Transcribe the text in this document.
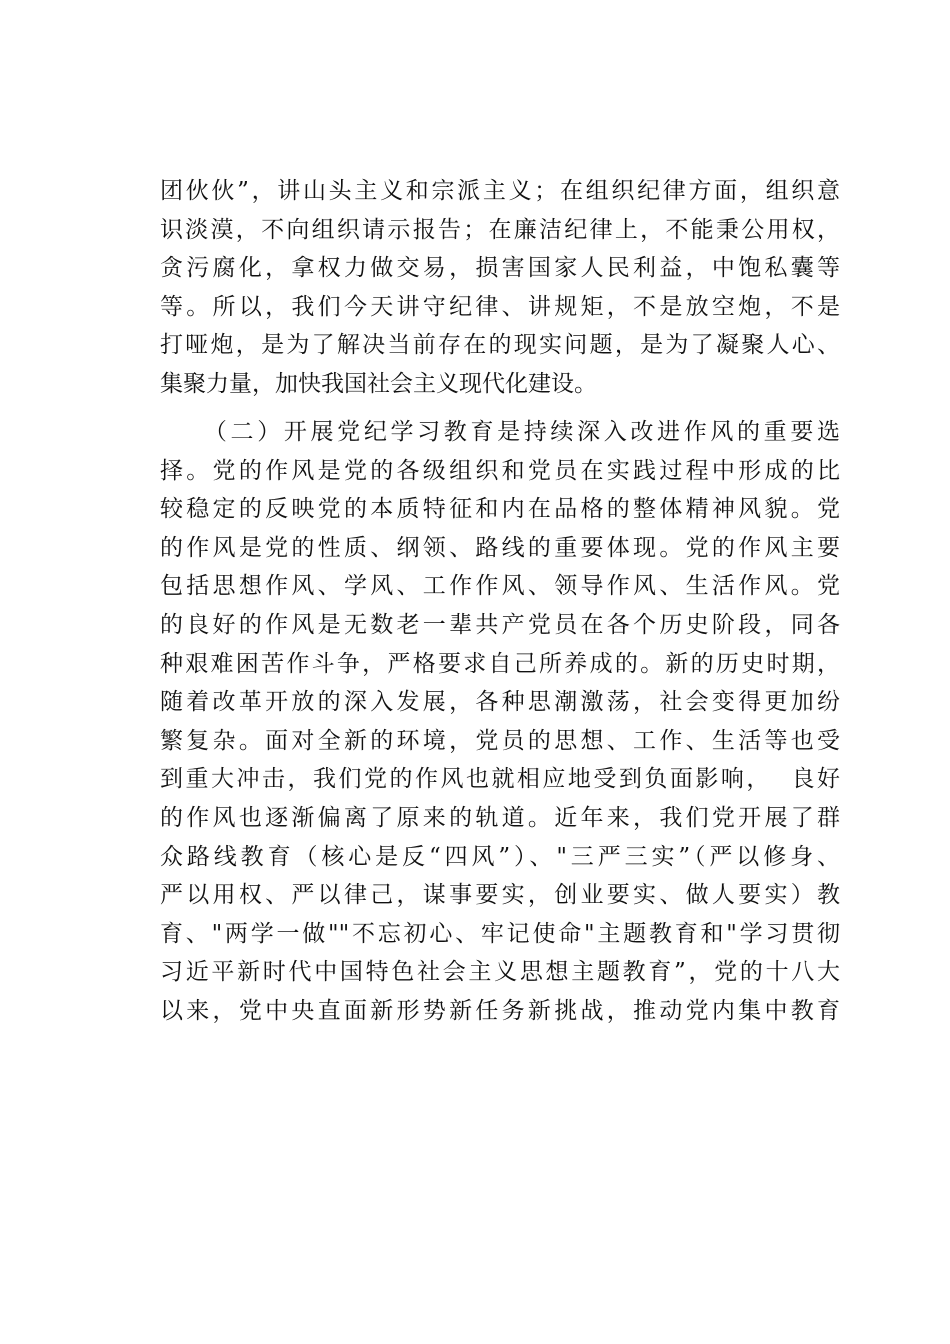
团伙伙”，讲山头主义和宗派主义；在组织纪律方面，组织意
识淡漠，不向组织请示报告；在廉洁纪律上，不能秉公用权，
贪污腐化，拿权力做交易，损害国家人民利益，中饱私囊等
等。所以，我们今天讲守纪律、讲规矩，不是放空炮，不是
打哑炮，是为了解决当前存在的现实问题，是为了凝聚人心、
集聚力量，加快我国社会主义现代化建设。
（二）开展党纪学习教育是持续深入改进作风的重要选
择。党的作风是党的各级组织和党员在实践过程中形成的比
较稳定的反映党的本质特征和内在品格的整体精神风貌。党
的作风是党的性质、纲领、路线的重要体现。党的作风主要
包括思想作风、学风、工作作风、领导作风、生活作风。党
的良好的作风是无数老一辈共产党员在各个历史阶段，同各
种艰难困苦作斗争，严格要求自己所养成的。新的历史时期，
随着改革开放的深入发展，各种思潮激荡，社会变得更加纷
繁复杂。面对全新的环境，党员的思想、工作、生活等也受
到重大冲击，我们党的作风也就相应地受到负面影响，  良好
的作风也逐渐偏离了原来的轨道。近年来，我们党开展了群
众路线教育（核心是反“四风”）、"三严三实”（严以修身、
严以用权、严以律己，谋事要实，创业要实、做人要实）教
育、"两学一做""不忘初心、牢记使命"主题教育和"学习贯彻
习近平新时代中国特色社会主义思想主题教育”，党的十八大
以来，党中央直面新形势新任务新挑战，推动党内集中教育
